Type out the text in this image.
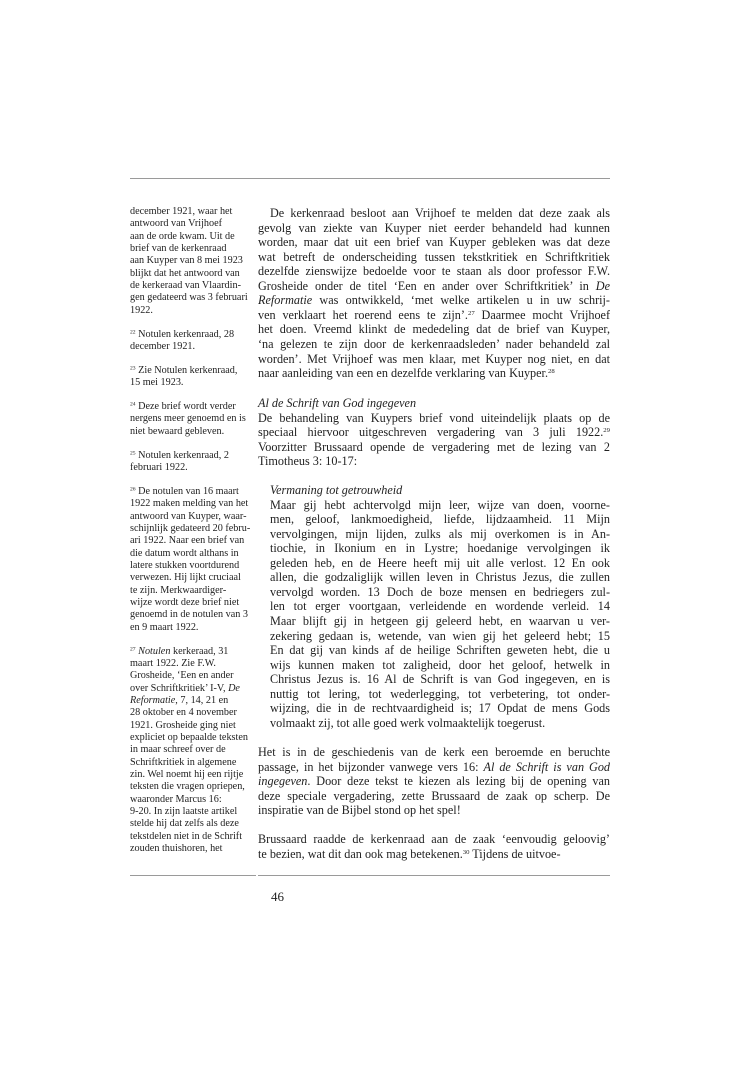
december 1921, waar het
antwoord van Vrijhoef
aan de orde kwam. Uit de
brief van de kerkenraad
aan Kuyper van 8 mei 1923
blijkt dat het antwoord van
de kerkeraad van Vlaardin-
gen gedateerd was 3 februari
1922.
$^{22}$ Notulen kerkenraad, 28
december 1921.
$^{23}$ Zie Notulen kerkenraad,
15 mei 1923.
$^{24}$ Deze brief wordt verder
nergens meer genoemd en is
niet bewaard gebleven.
$^{25}$ Notulen kerkenraad, 2
februari 1922.
$^{26}$ De notulen van 16 maart
1922 maken melding van het
antwoord van Kuyper, waar-
schijnlijk gedateerd 20 febru-
ari 1922. Naar een brief van
die datum wordt althans in
latere stukken voortdurend
verwezen. Hij lijkt cruciaal
te zijn. Merkwaardiger-
wijze wordt deze brief niet
genoemd in de notulen van 3
en 9 maart 1922.
$^{27}$ Notulen kerkeraad, 31
maart 1922. Zie F.W.
Grosheide, ‘Een en ander
over Schriftkritiek’ I-V, De
Reformatie, 7, 14, 21 en
28 oktober en 4 november
1921. Grosheide ging niet
expliciet op bepaalde teksten
in maar schreef over de
Schriftkritiek in algemene
zin. Wel noemt hij een rijtje
teksten die vragen opriepen,
waaronder Marcus 16:
9-20. In zijn laatste artikel
stelde hij dat zelfs als deze
tekstdelen niet in de Schrift
zouden thuishoren, het
De kerkenraad besloot aan Vrijhoef te melden dat deze zaak als
gevolg van ziekte van Kuyper niet eerder behandeld had kunnen
worden, maar dat uit een brief van Kuyper gebleken was dat deze
wat betreft de onderscheiding tussen tekstkritiek en Schriftkritiek
dezelfde zienswijze bedoelde voor te staan als door professor F.W.
Grosheide onder de titel ‘Een en ander over Schriftkritiek’ in De
Reformatie was ontwikkeld, ‘met welke artikelen u in uw schrij-
ven verklaart het roerend eens te zijn’.$^{27}$ Daarmee mocht Vrijhoef
het doen. Vreemd klinkt de mededeling dat de brief van Kuyper,
‘na gelezen te zijn door de kerkenraadsleden’ nader behandeld zal
worden’. Met Vrijhoef was men klaar, met Kuyper nog niet, en dat
naar aanleiding van een en dezelfde verklaring van Kuyper.$^{28}$
Al de Schrift van God ingegeven
De behandeling van Kuypers brief vond uiteindelijk plaats op de
speciaal hiervoor uitgeschreven vergadering van 3 juli 1922.29
Voorzitter Brussaard opende de vergadering met de lezing van 2
Timotheus 3: 10-17:
Vermaning tot getrouwheid
Maar gij hebt achtervolgd mijn leer, wijze van doen, voorne-
men, geloof, lankmoedigheid, liefde, lijdzaamheid. 11 Mijn
vervolgingen, mijn lijden, zulks als mij overkomen is in An-
tiochie, in Ikonium en in Lystre; hoedanige vervolgingen ik
geleden heb, en de Heere heeft mij uit alle verlost. 12 En ook
allen, die godzaliglijk willen leven in Christus Jezus, die zullen
vervolgd worden. 13 Doch de boze mensen en bedriegers zul-
len tot erger voortgaan, verleidende en wordende verleid. 14
Maar blijft gij in hetgeen gij geleerd hebt, en waarvan u ver-
zekering gedaan is, wetende, van wien gij het geleerd hebt; 15
En dat gij van kinds af de heilige Schriften geweten hebt, die u
wijs kunnen maken tot zaligheid, door het geloof, hetwelk in
Christus Jezus is. 16 Al de Schrift is van God ingegeven, en is
nuttig tot lering, tot wederlegging, tot verbetering, tot onder-
wijzing, die in de rechtvaardigheid is; 17 Opdat de mens Gods
volmaakt zij, tot alle goed werk volmaaktelijk toegerust.
Het is in de geschiedenis van de kerk een beroemde en beruchte
passage, in het bijzonder vanwege vers 16: Al de Schrift is van God
ingegeven. Door deze tekst te kiezen als lezing bij de opening van
deze speciale vergadering, zette Brussaard de zaak op scherp. De
inspiratie van de Bijbel stond op het spel!
Brussaard raadde de kerkenraad aan de zaak ‘eenvoudig geloovig’
te bezien, wat dit dan ook mag betekenen.$^{30}$ Tijdens de uitvoe-
46
